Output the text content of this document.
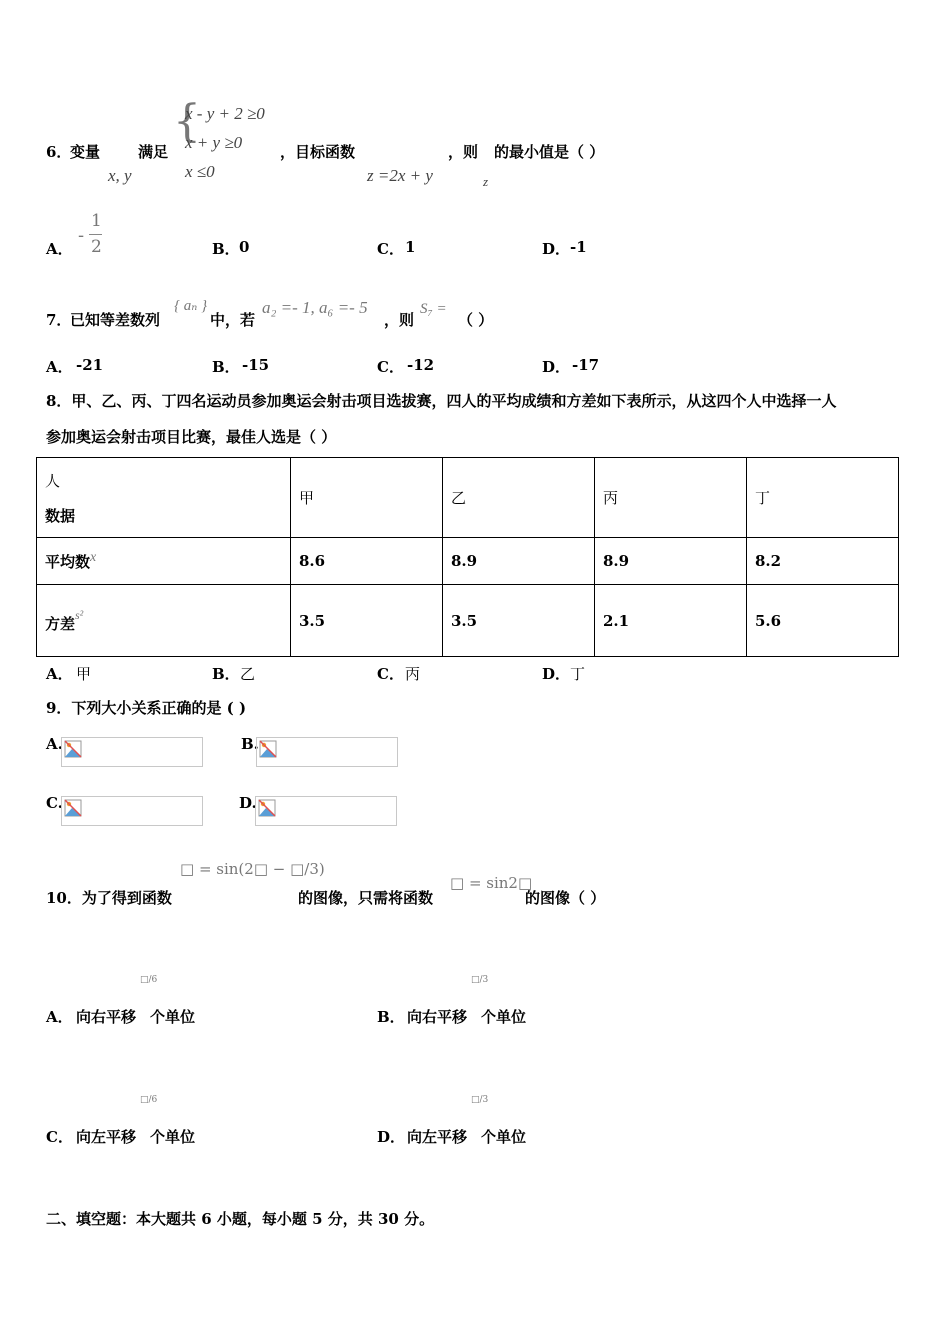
6．
变量	满足
x, y
{
x - y + 2 ≥0
x + y ≥0
x ≤0
，目标函数
z =2x + y
，则 的最小值是（ ）
z
A．
-
1
2	B． 0	C． 1	D． -1
7．
已知等差数列
{ aₙ }
中，若
a₂ =- 1, a₆ =- 5
，则
S₇ =
（ ）
A． -21	B． -15	C． -12	D． -17
8．甲、乙、丙、丁四名运动员参加奥运会射击项目选拔赛，四人的平均成绩和方差如下表所示，从这四个人中选择一人
参加奥运会射击项目比赛，最佳人选是（ ）
人
数据	甲	乙	丙	丁
平均数x	8.6	8.9	8.9	8.2
方差$^{s^2}$	3.5	3.5	2.1	5.6
A． 甲	B． 乙	C． 丙	D． 丁
9．下列大小关系正确的是 ( )
A.	B.
C.	D.
□ = sin(2□ − □/3)
10．为了得到函数	的图像，只需将函数
□ = sin2□
的图像（ ）
A． 向右平移
□/6
个单位	B． 向右平移
□/3
个单位
C． 向左平移
□/6
个单位	D． 向左平移
□/3
个单位
二、填空题：本大题共 6 小题，每小题 5 分，共 30 分。
